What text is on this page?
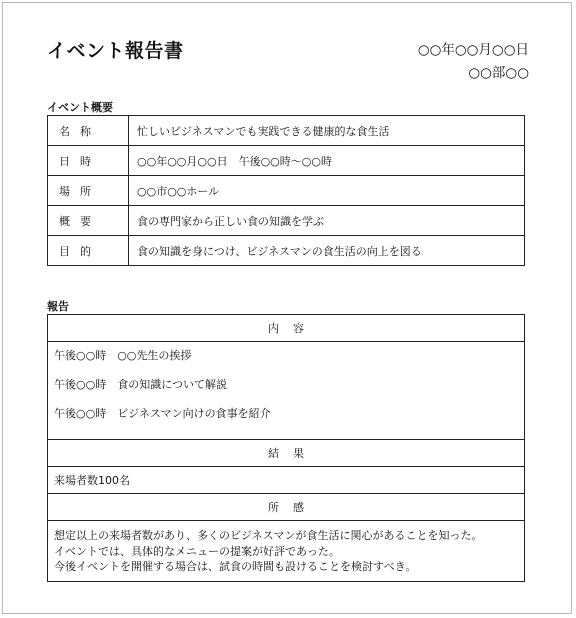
イベント報告書	○○年○○月○○日
○○部○○
イベント概要
名 称	忙しいビジネスマンでも実践できる健康的な食生活

日 時	○○年○○月○○日　午後○○時〜○○時

場 所	○○市○○ホール

概 要	食の専門家から正しい食の知識を学ぶ

目 的	食の知識を身につけ、ビジネスマンの食生活の向上を図る
報告
内 容
午後○○時　○○先生の挨拶
午後○○時　食の知識について解説
午後○○時　ビジネスマン向けの食事を紹介
結 果
来場者数100名
所 感
想定以上の来場者数があり、多くのビジネスマンが食生活に関心があることを知った。
イベントでは、具体的なメニューの提案が好評であった。
今後イベントを開催する場合は、試食の時間も設けることを検討すべき。
